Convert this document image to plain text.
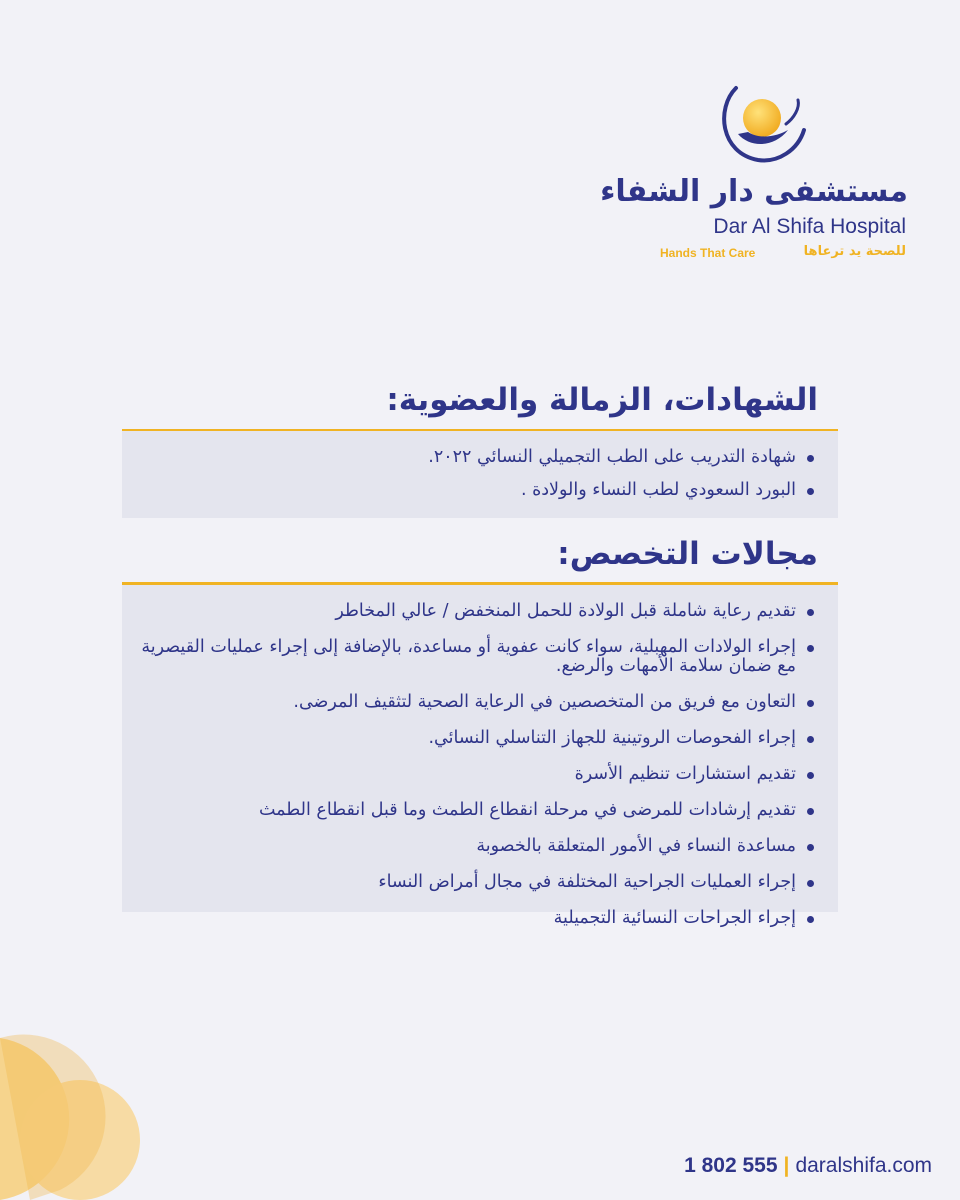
مستشفى دار الشفاء
Dar Al Shifa Hospital
Hands That Care	للصحة يد ترعاها
الشهادات، الزمالة والعضوية:
شهادة التدريب على الطب التجميلي النسائي ٢٠٢٢.
البورد السعودي لطب النساء والولادة .
مجالات التخصص:
تقديم رعاية شاملة قبل الولادة للحمل المنخفض / عالي المخاطر
إجراء الولادات المهبلية، سواء كانت عفوية أو مساعدة، بالإضافة إلى إجراء عمليات القيصرية مع ضمان سلامة الأمهات والرضع.
التعاون مع فريق من المتخصصين في الرعاية الصحية لتثقيف المرضى.
إجراء الفحوصات الروتينية للجهاز التناسلي النسائي.
تقديم استشارات تنظيم الأسرة
تقديم إرشادات للمرضى في مرحلة انقطاع الطمث وما قبل انقطاع الطمث
مساعدة النساء في الأمور المتعلقة بالخصوبة
إجراء العمليات الجراحية المختلفة في مجال أمراض النساء
إجراء الجراحات النسائية التجميلية
1 802 555 | daralshifa.com
